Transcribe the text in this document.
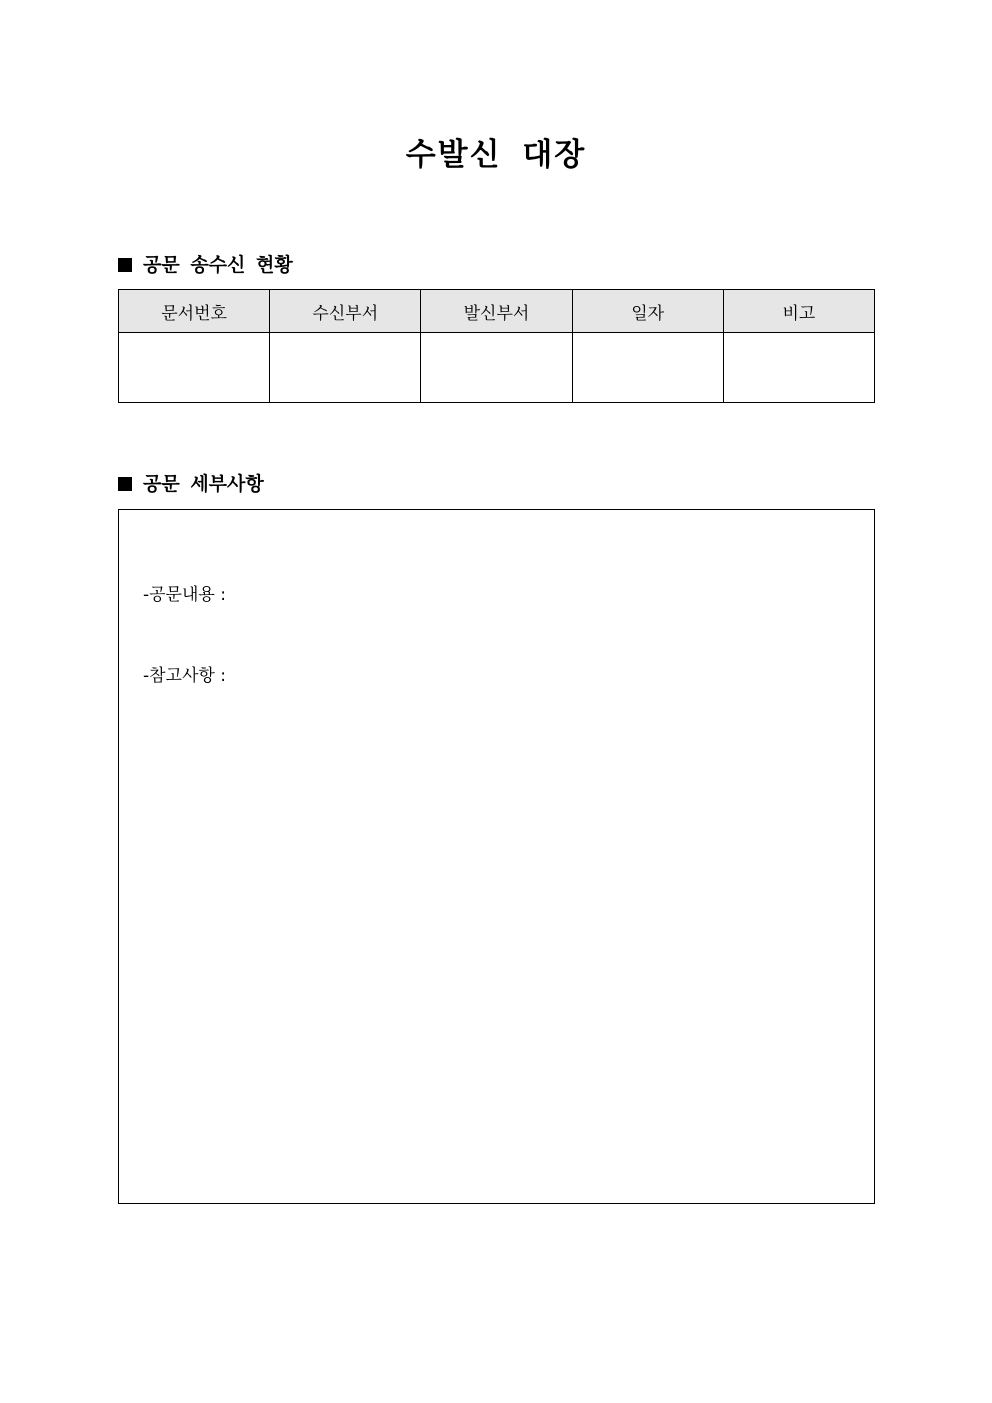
수발신 대장
공문 송수신 현황
문서번호	수신부서	발신부서	일자	비고

공문 세부사항

-공문내용 :

-참고사항 :
